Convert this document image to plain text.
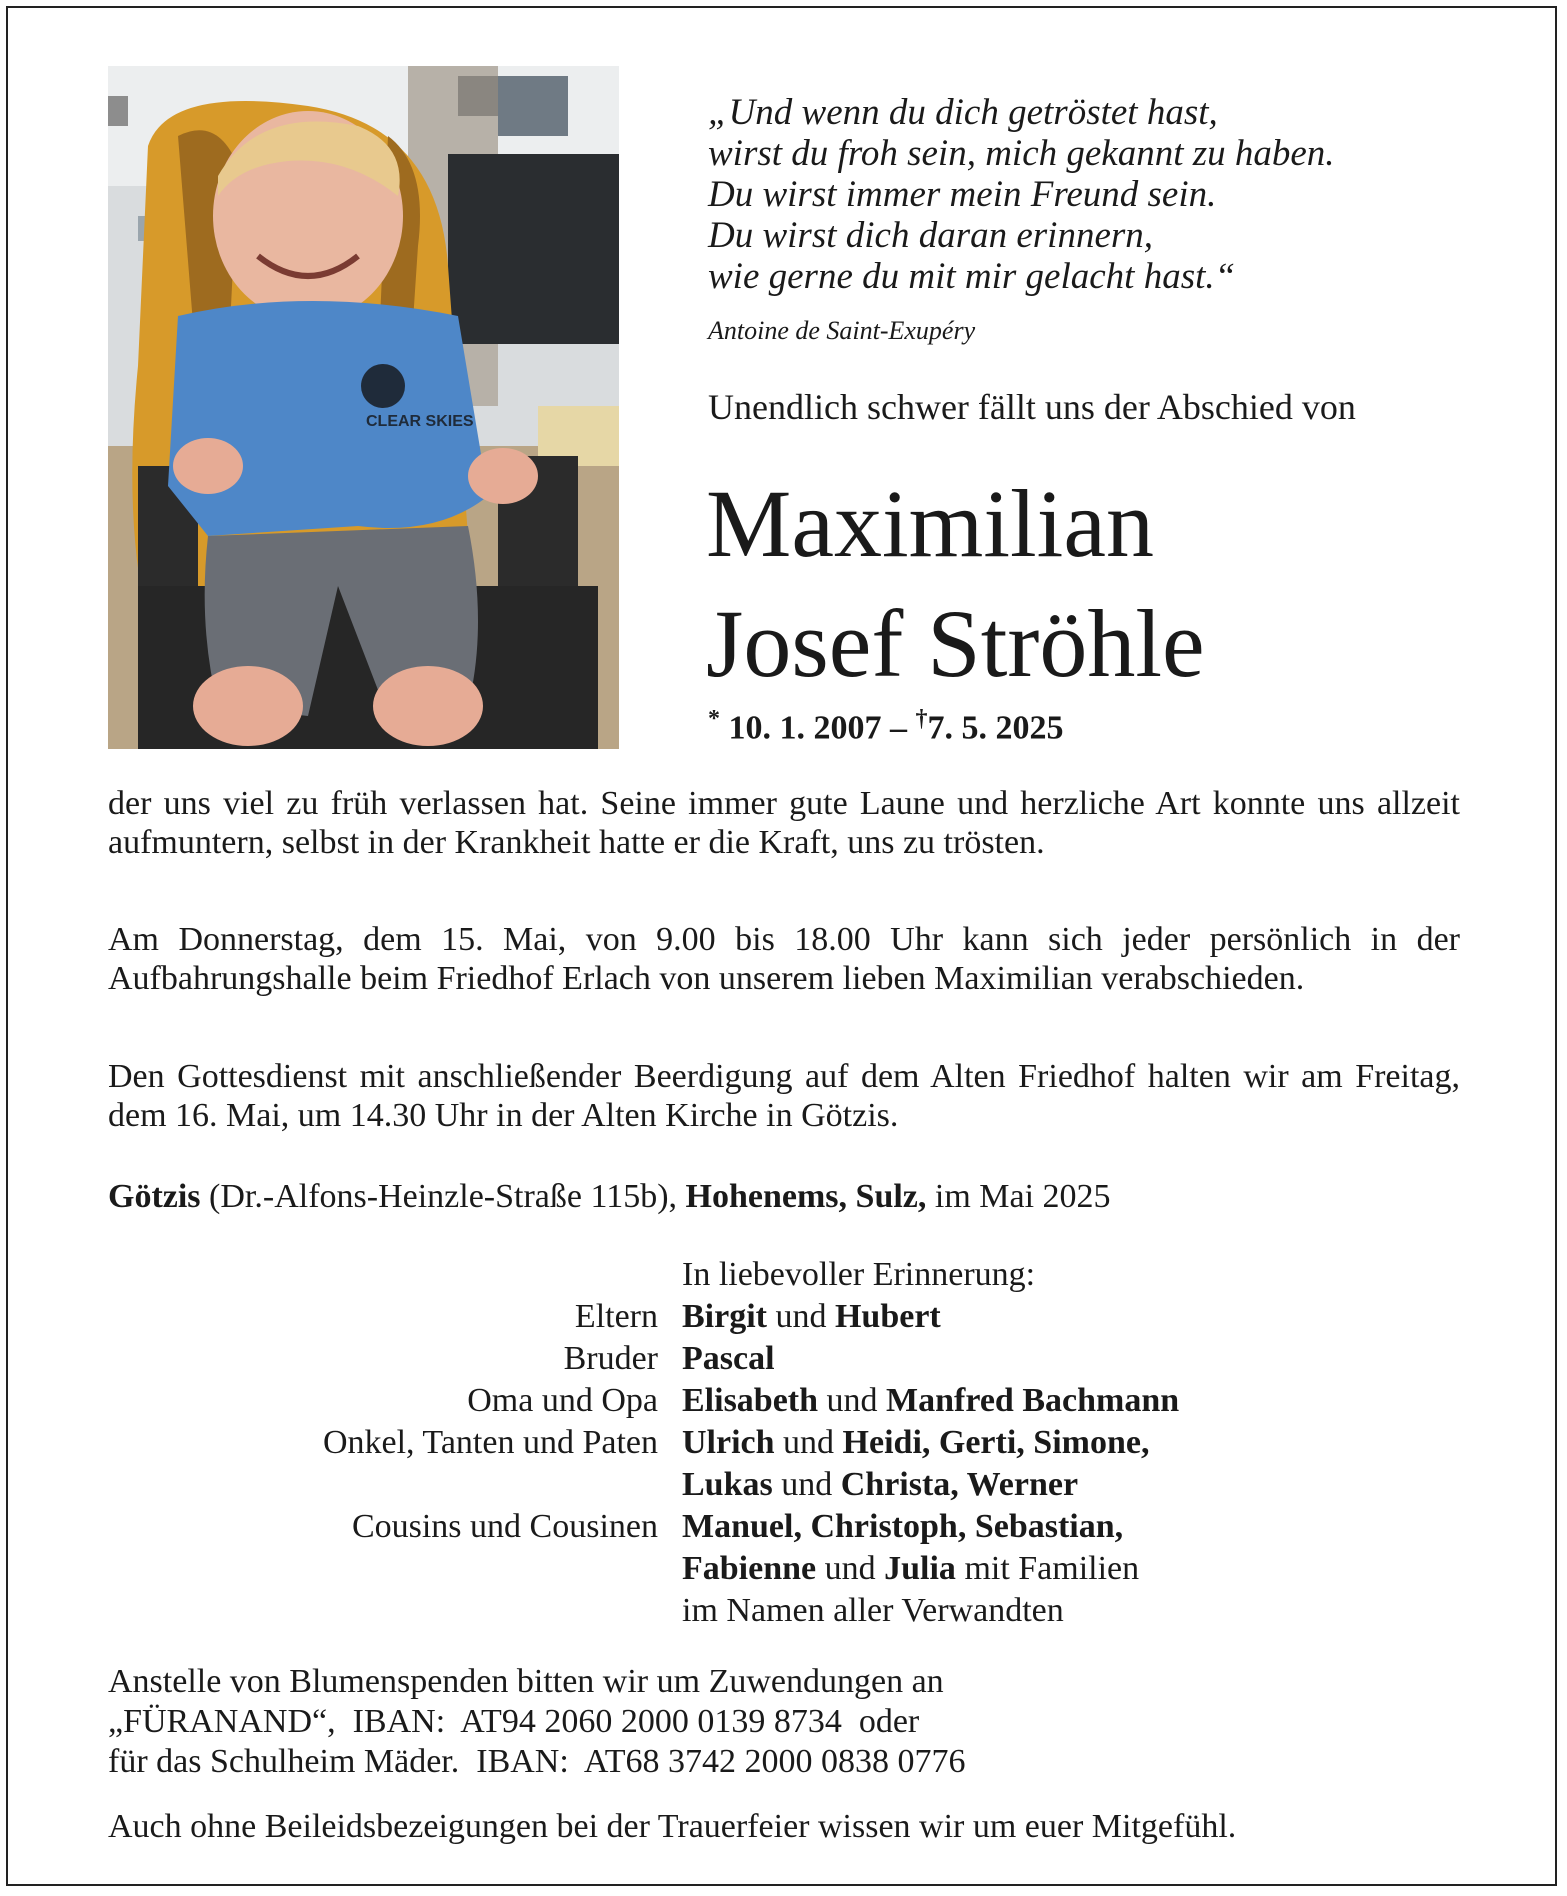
CLEAR SKIES
„Und wenn du dich getröstet hast,
wirst du froh sein, mich gekannt zu haben.
Du wirst immer mein Freund sein.
Du wirst dich daran erinnern,
wie gerne du mit mir gelacht hast.“
Antoine de Saint-Exupéry
Unendlich schwer fällt uns der Abschied von
Maximilian
Josef Ströhle
* 10. 1. 2007 – †7. 5. 2025
der uns viel zu früh verlassen hat. Seine immer gute Laune und herzliche Art konnte uns allzeit aufmuntern, selbst in der Krankheit hatte er die Kraft, uns zu trösten.
Am Donnerstag, dem 15. Mai, von 9.00 bis 18.00 Uhr kann sich jeder persönlich in der Aufbahrungshalle beim Friedhof Erlach von unserem lieben Maximilian verabschieden.
Den Gottesdienst mit anschließender Beerdigung auf dem Alten Friedhof halten wir am Freitag, dem 16. Mai, um 14.30 Uhr in der Alten Kirche in Götzis.
Götzis (Dr.-Alfons-Heinzle-Straße 115b), Hohenems, Sulz, im Mai 2025
In liebevoller Erinnerung:
Eltern Birgit und Hubert
Bruder Pascal
Oma und Opa Elisabeth und Manfred Bachmann
Onkel, Tanten und Paten Ulrich und Heidi, Gerti, Simone,
Lukas und Christa, Werner
Cousins und Cousinen Manuel, Christoph, Sebastian,
Fabienne und Julia mit Familien
im Namen aller Verwandten
Anstelle von Blumenspenden bitten wir um Zuwendungen an
„FÜRANAND“,  IBAN:  AT94 2060 2000 0139 8734  oder
für das Schulheim Mäder.  IBAN:  AT68 3742 2000 0838 0776
Auch ohne Beileidsbezeigungen bei der Trauerfeier wissen wir um euer Mitgefühl.
